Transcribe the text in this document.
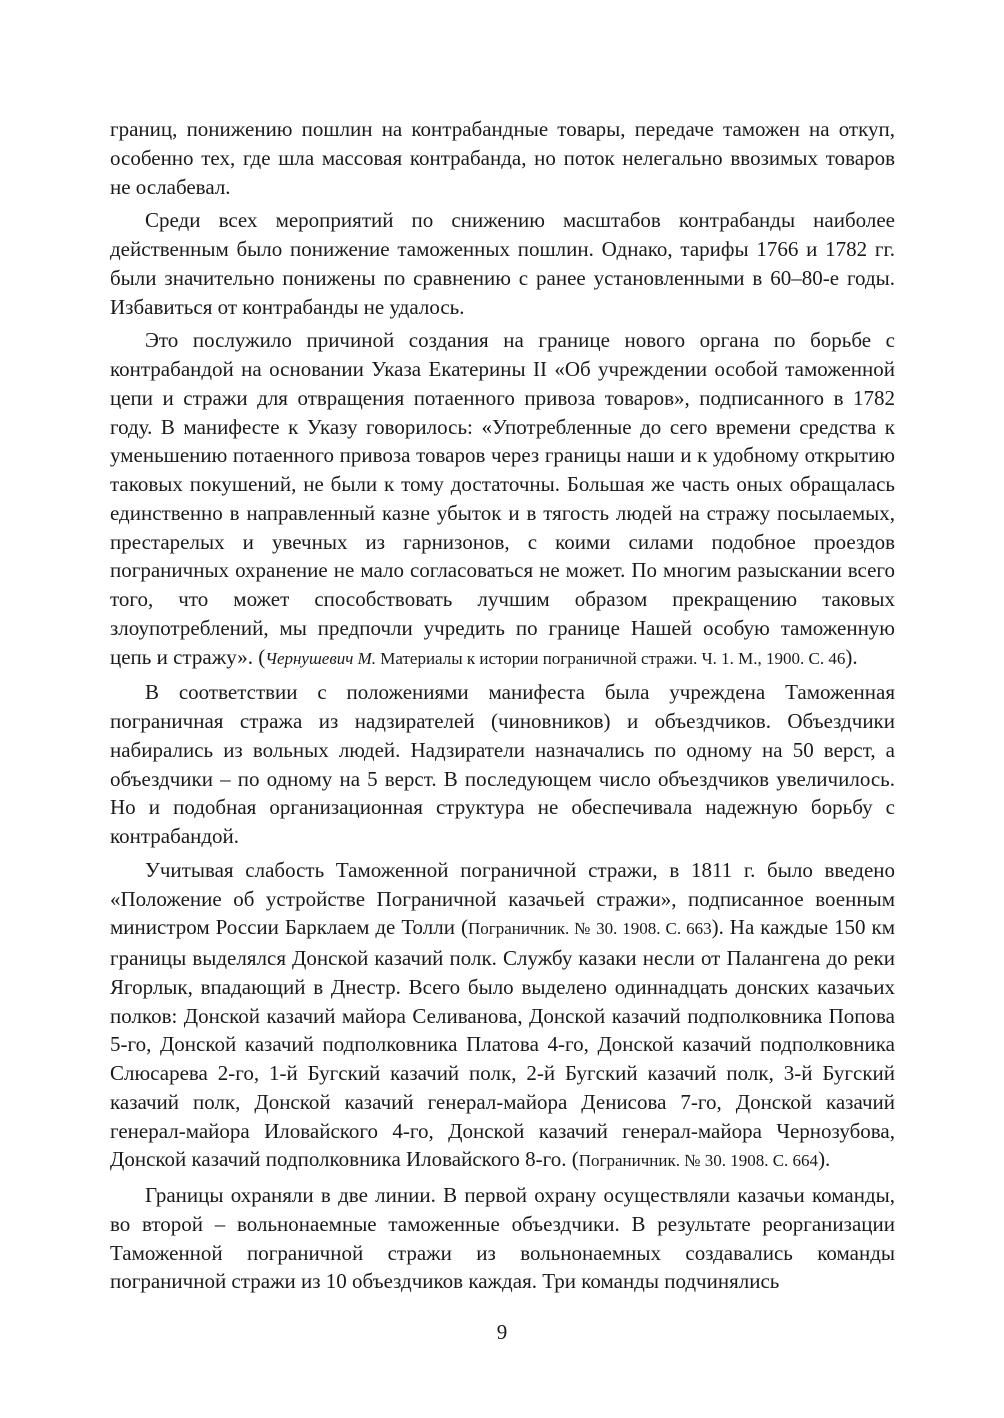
границ, понижению пошлин на контрабандные товары, передаче таможен на откуп, особенно тех, где шла массовая контрабанда, но поток нелегально ввозимых товаров не ослабевал.

Среди всех мероприятий по снижению масштабов контрабанды наиболее действенным было понижение таможенных пошлин. Однако, тарифы 1766 и 1782 гг. были значительно понижены по сравнению с ранее установленными в 60–80-е годы. Избавиться от контрабанды не удалось.

Это послужило причиной создания на границе нового органа по борьбе с контрабандой на основании Указа Екатерины II «Об учреждении особой таможенной цепи и стражи для отвращения потаенного привоза товаров», подписанного в 1782 году. В манифесте к Указу говорилось: «Употребленные до сего времени средства к уменьшению потаенного привоза товаров через границы наши и к удобному открытию таковых покушений, не были к тому достаточны. Большая же часть оных обращалась единственно в направленный казне убыток и в тягость людей на стражу посылаемых, престарелых и увечных из гарнизонов, с коими силами подобное проездов пограничных охранение не мало согласоваться не может. По многим разыскании всего того, что может способствовать лучшим образом прекращению таковых злоупотреблений, мы предпочли учредить по границе Нашей особую таможенную цепь и стражу». (Чернушевич М. Материалы к истории пограничной стражи. Ч. 1. М., 1900. С. 46).

В соответствии с положениями манифеста была учреждена Таможенная пограничная стража из надзирателей (чиновников) и объездчиков. Объездчики набирались из вольных людей. Надзиратели назначались по одному на 50 верст, а объездчики – по одному на 5 верст. В последующем число объездчиков увеличилось. Но и подобная организационная структура не обеспечивала надежную борьбу с контрабандой.

Учитывая слабость Таможенной пограничной стражи, в 1811 г. было введено «Положение об устройстве Пограничной казачьей стражи», подписанное военным министром России Барклаем де Толли (Пограничник. № 30. 1908. С. 663). На каждые 150 км границы выделялся Донской казачий полк. Службу казаки несли от Палангена до реки Ягорлык, впадающий в Днестр. Всего было выделено одиннадцать донских казачьих полков: Донской казачий майора Селиванова, Донской казачий подполковника Попова 5-го, Донской казачий подполковника Платова 4-го, Донской казачий подполковника Слюсарева 2-го, 1-й Бугский казачий полк, 2-й Бугский казачий полк, 3-й Бугский казачий полк, Донской казачий генерал-майора Денисова 7-го, Донской казачий генерал-майора Иловайского 4-го, Донской казачий генерал-майора Чернозубова, Донской казачий подполковника Иловайского 8-го. (Пограничник. № 30. 1908. С. 664).

Границы охраняли в две линии. В первой охрану осуществляли казачьи команды, во второй – вольнонаемные таможенные объездчики. В результате реорганизации Таможенной пограничной стражи из вольнонаемных создавались команды пограничной стражи из 10 объездчиков каждая. Три команды подчинялись

9
